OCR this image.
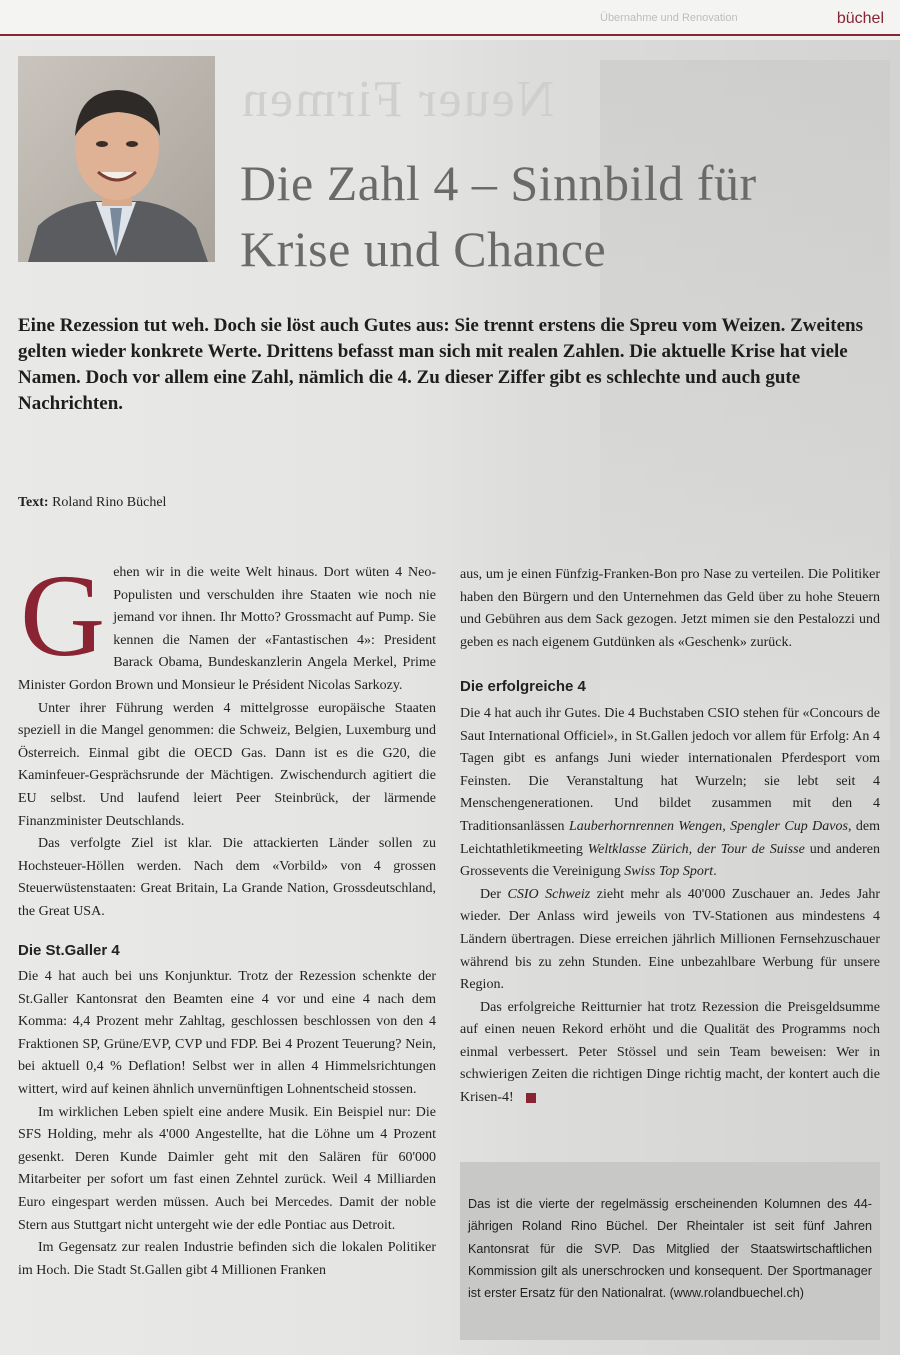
Neuer Firmen
Übernahme und Renovation	büchel
Die Zahl 4 – Sinnbild für
Krise und Chance

Eine Rezession tut weh. Doch sie löst auch Gutes aus: Sie trennt erstens die Spreu vom Weizen. Zweitens gelten wieder konkrete Werte. Drittens befasst man sich mit realen Zahlen. Die aktuelle Krise hat viele Namen. Doch vor allem eine Zahl, nämlich die 4. Zu dieser Ziffer gibt es schlechte und auch gute Nachrichten.

Text: Roland Rino Büchel

Gehen wir in die weite Welt hinaus. Dort wüten 4 Neo-Populisten und verschulden ihre Staaten wie noch nie jemand vor ihnen. Ihr Motto? Grossmacht auf Pump. Sie kennen die Namen der «Fantastischen 4»: President Barack Obama, Bundeskanzlerin Angela Merkel, Prime Minister Gordon Brown und Monsieur le Président Nicolas Sarkozy.

Unter ihrer Führung werden 4 mittelgrosse europäische Staaten speziell in die Mangel genommen: die Schweiz, Belgien, Luxemburg und Österreich. Einmal gibt die OECD Gas. Dann ist es die G20, die Kaminfeuer-Gesprächsrunde der Mächtigen. Zwischendurch agitiert die EU selbst. Und laufend leiert Peer Steinbrück, der lärmende Finanzminister Deutschlands.

Das verfolgte Ziel ist klar. Die attackierten Länder sollen zu Hochsteuer-Höllen werden. Nach dem «Vorbild» von 4 grossen Steuerwüstenstaaten: Great Britain, La Grande Nation, Grossdeutschland, the Great USA.

Die St.Galler 4

Die 4 hat auch bei uns Konjunktur. Trotz der Rezession schenkte der St.Galler Kantonsrat den Beamten eine 4 vor und eine 4 nach dem Komma: 4,4 Prozent mehr Zahltag, geschlossen beschlossen von den 4 Fraktionen SP, Grüne/EVP, CVP und FDP. Bei 4 Prozent Teuerung? Nein, bei aktuell 0,4 % Deflation! Selbst wer in allen 4 Himmelsrichtungen wittert, wird auf keinen ähnlich unvernünftigen Lohnentscheid stossen.

Im wirklichen Leben spielt eine andere Musik. Ein Beispiel nur: Die SFS Holding, mehr als 4'000 Angestellte, hat die Löhne um 4 Prozent gesenkt. Deren Kunde Daimler geht mit den Salären für 60'000 Mitarbeiter per sofort um fast einen Zehntel zurück. Weil 4 Milliarden Euro eingespart werden müssen. Auch bei Mercedes. Damit der noble Stern aus Stuttgart nicht untergeht wie der edle Pontiac aus Detroit.

Im Gegensatz zur realen Industrie befinden sich die lokalen Politiker im Hoch. Die Stadt St.Gallen gibt 4 Millionen Franken

aus, um je einen Fünfzig-Franken-Bon pro Nase zu verteilen. Die Politiker haben den Bürgern und den Unternehmen das Geld über zu hohe Steuern und Gebühren aus dem Sack gezogen. Jetzt mimen sie den Pestalozzi und geben es nach eigenem Gutdünken als «Geschenk» zurück.

Die erfolgreiche 4

Die 4 hat auch ihr Gutes. Die 4 Buchstaben CSIO stehen für «Concours de Saut International Officiel», in St.Gallen jedoch vor allem für Erfolg: An 4 Tagen gibt es anfangs Juni wieder internationalen Pferdesport vom Feinsten. Die Veranstaltung hat Wurzeln; sie lebt seit 4 Menschengenerationen. Und bildet zusammen mit den 4 Traditionsanlässen Lauberhornrennen Wengen, Spengler Cup Davos, dem Leichtathletikmeeting Weltklasse Zürich, der Tour de Suisse und anderen Grossevents die Vereinigung Swiss Top Sport.

Der CSIO Schweiz zieht mehr als 40'000 Zuschauer an. Jedes Jahr wieder. Der Anlass wird jeweils von TV-Stationen aus mindestens 4 Ländern übertragen. Diese erreichen jährlich Millionen Fernsehzuschauer während bis zu zehn Stunden. Eine unbezahlbare Werbung für unsere Region.

Das erfolgreiche Reitturnier hat trotz Rezession die Preisgeldsumme auf einen neuen Rekord erhöht und die Qualität des Programms noch einmal verbessert. Peter Stössel und sein Team beweisen: Wer in schwierigen Zeiten die richtigen Dinge richtig macht, der kontert auch die Krisen-4!

Das ist die vierte der regelmässig erscheinenden Kolumnen des 44-jährigen Roland Rino Büchel. Der Rheintaler ist seit fünf Jahren Kantonsrat für die SVP. Das Mitglied der Staatswirtschaftlichen Kommission gilt als unerschrocken und konsequent. Der Sportmanager ist erster Ersatz für den Nationalrat. (www.rolandbuechel.ch)
